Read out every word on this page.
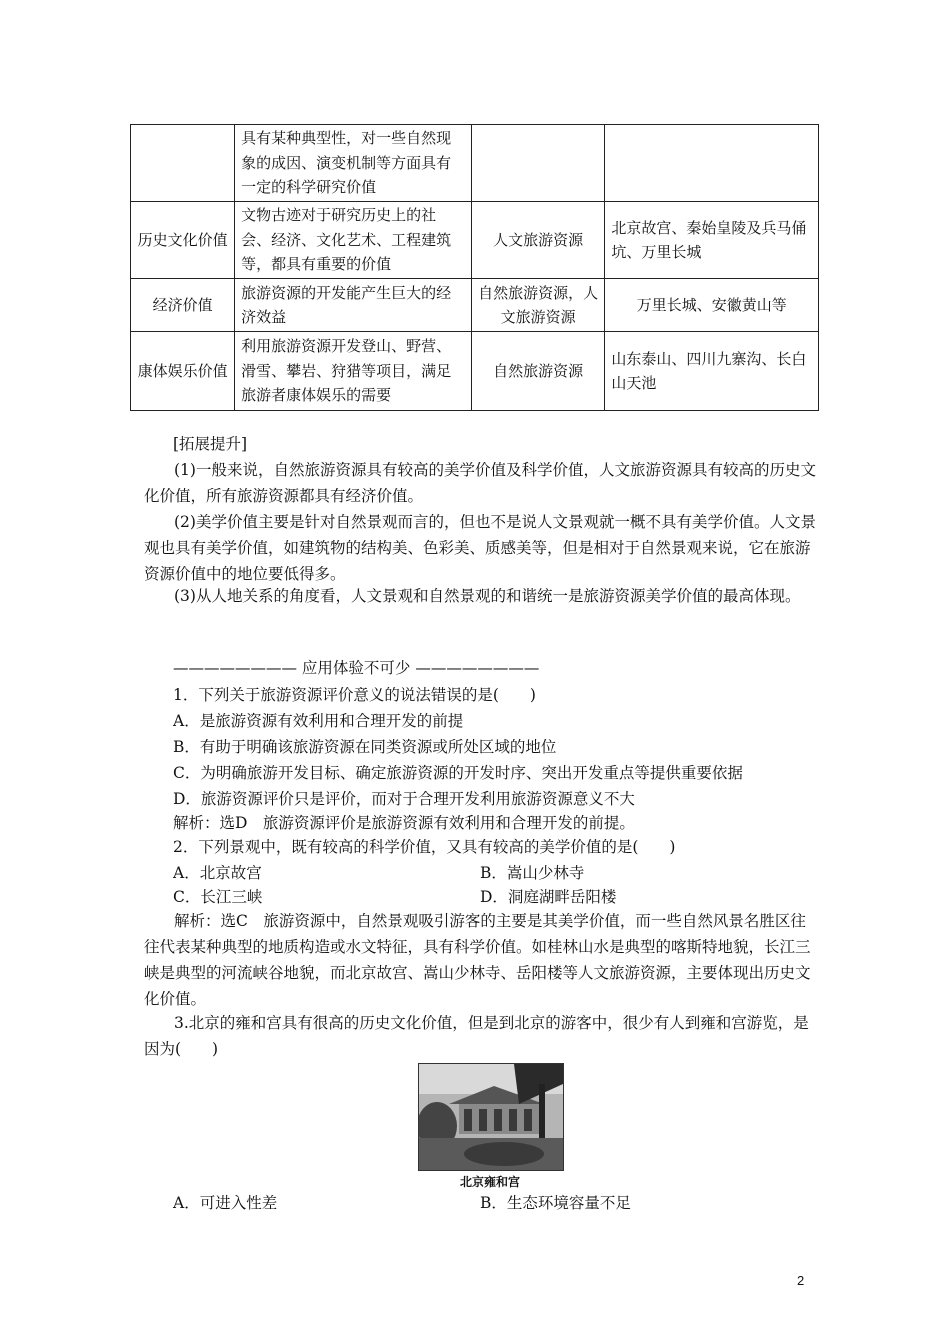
	具有某种典型性，对一些自然现象的成因、演变机制等方面具有一定的科学研究价值		
历史文化价值	文物古迹对于研究历史上的社会、经济、文化艺术、工程建筑等，都具有重要的价值	人文旅游资源	北京故宫、秦始皇陵及兵马俑坑、万里长城
经济价值	旅游资源的开发能产生巨大的经济效益	自然旅游资源，人文旅游资源	万里长城、安徽黄山等
康体娱乐价值	利用旅游资源开发登山、野营、滑雪、攀岩、狩猎等项目，满足旅游者康体娱乐的需要	自然旅游资源	山东泰山、四川九寨沟、长白山天池
[拓展提升]
(1)一般来说，自然旅游资源具有较高的美学价值及科学价值，人文旅游资源具有较高的历史文化价值，所有旅游资源都具有经济价值。
(2)美学价值主要是针对自然景观而言的，但也不是说人文景观就一概不具有美学价值。人文景观也具有美学价值，如建筑物的结构美、色彩美、质感美等，但是相对于自然景观来说，它在旅游资源价值中的地位要低得多。
(3)从人地关系的角度看，人文景观和自然景观的和谐统一是旅游资源美学价值的最高体现。
———————— 应用体验不可少 ————————
1．下列关于旅游资源评价意义的说法错误的是(　　)
A．是旅游资源有效利用和合理开发的前提
B．有助于明确该旅游资源在同类资源或所处区域的地位
C．为明确旅游开发目标、确定旅游资源的开发时序、突出开发重点等提供重要依据
D．旅游资源评价只是评价，而对于合理开发利用旅游资源意义不大
解析：选D　旅游资源评价是旅游资源有效利用和合理开发的前提。
2．下列景观中，既有较高的科学价值，又具有较高的美学价值的是(　　)
A．北京故宫	B．嵩山少林寺
C．长江三峡	D．洞庭湖畔岳阳楼
解析：选C　旅游资源中，自然景观吸引游客的主要是其美学价值，而一些自然风景名胜区往往代表某种典型的地质构造或水文特征，具有科学价值。如桂林山水是典型的喀斯特地貌，长江三峡是典型的河流峡谷地貌，而北京故宫、嵩山少林寺、岳阳楼等人文旅游资源，主要体现出历史文化价值。
3.北京的雍和宫具有很高的历史文化价值，但是到北京的游客中，很少有人到雍和宫游览，是因为(　　)
北京雍和宫
A．可进入性差	B．生态环境容量不足
2
